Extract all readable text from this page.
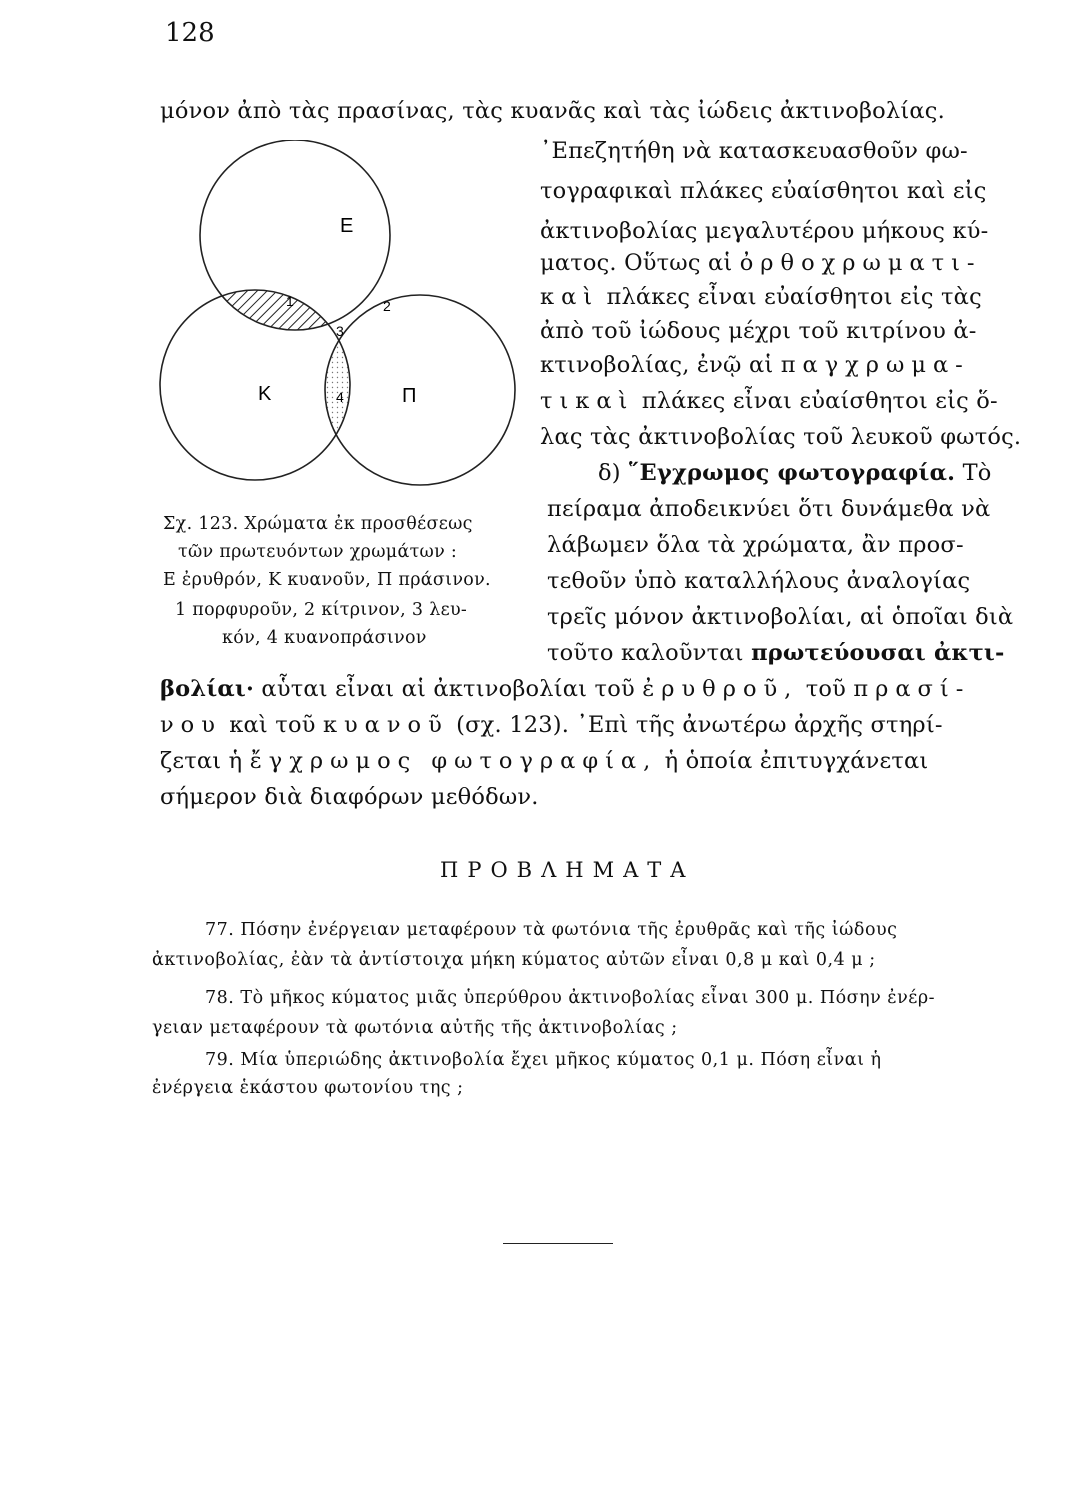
128
Ε
Κ	Π
1	2
3
4
μόνον ἀπὸ τὰς πρασίνας, τὰς κυανᾶς καὶ τὰς ἰώδεις ἀκτινοβολίας.
᾽Επεζητήθη νὰ κατασκευασθοῦν φω-
τογραφικαὶ πλάκες εὐαίσθητοι καὶ εἰς
ἀκτινοβολίας μεγαλυτέρου μήκους κύ-
ματος. Οὕτως αἱ ὀρθοχρωματι-
καὶ πλάκες εἶναι εὐαίσθητοι εἰς τὰς
ἀπὸ τοῦ ἰώδους μέχρι τοῦ κιτρίνου ἀ-
κτινοβολίας, ἐνῷ αἱ παγχρωμα-
τικαὶ πλάκες εἶναι εὐαίσθητοι εἰς ὅ-
λας τὰς ἀκτινοβολίας τοῦ λευκοῦ φωτός.
δ) ῞Εγχρωμος φωτογραφία. Τὸ
πείραμα ἀποδεικνύει ὅτι δυνάμεθα νὰ
λάβωμεν ὅλα τὰ χρώματα, ἂν προσ-
τεθοῦν ὑπὸ καταλλήλους ἀναλογίας
τρεῖς μόνον ἀκτινοβολίαι, αἱ ὁποῖαι διὰ
τοῦτο καλοῦνται πρωτεύουσαι ἀκτι-
βολίαι· αὗται εἶναι αἱ ἀκτινοβολίαι τοῦ ἐρυθροῦ, τοῦ πρασί-
νου καὶ τοῦ κυανοῦ (σχ. 123). ᾽Επὶ τῆς ἀνωτέρω ἀρχῆς στηρί-
ζεται ἡ ἔγχρωμος φωτογραφία, ἡ ὁποία ἐπιτυγχάνεται
σήμερον διὰ διαφόρων μεθόδων.
Σχ. 123. Χρώματα ἐκ προσθέσεως
τῶν πρωτευόντων χρωμάτων :
Ε ἐρυθρόν, Κ κυανοῦν, Π πράσινον.
1 πορφυροῦν, 2 κίτρινον, 3 λευ-
κόν, 4 κυανοπράσινον
ΠΡΟΒΛΗΜΑΤΑ
77. Πόσην ἐνέργειαν μεταφέρουν τὰ φωτόνια τῆς ἐρυθρᾶς καὶ τῆς ἰώδους
ἀκτινοβολίας, ἐὰν τὰ ἀντίστοιχα μήκη κύματος αὐτῶν εἶναι 0,8 μ καὶ 0,4 μ ;
78. Τὸ μῆκος κύματος μιᾶς ὑπερύθρου ἀκτινοβολίας εἶναι 300 μ. Πόσην ἐνέρ-
γειαν μεταφέρουν τὰ φωτόνια αὐτῆς τῆς ἀκτινοβολίας ;
79. Μία ὑπεριώδης ἀκτινοβολία ἔχει μῆκος κύματος 0,1 μ. Πόση εἶναι ἡ
ἐνέργεια ἑκάστου φωτονίου της ;
